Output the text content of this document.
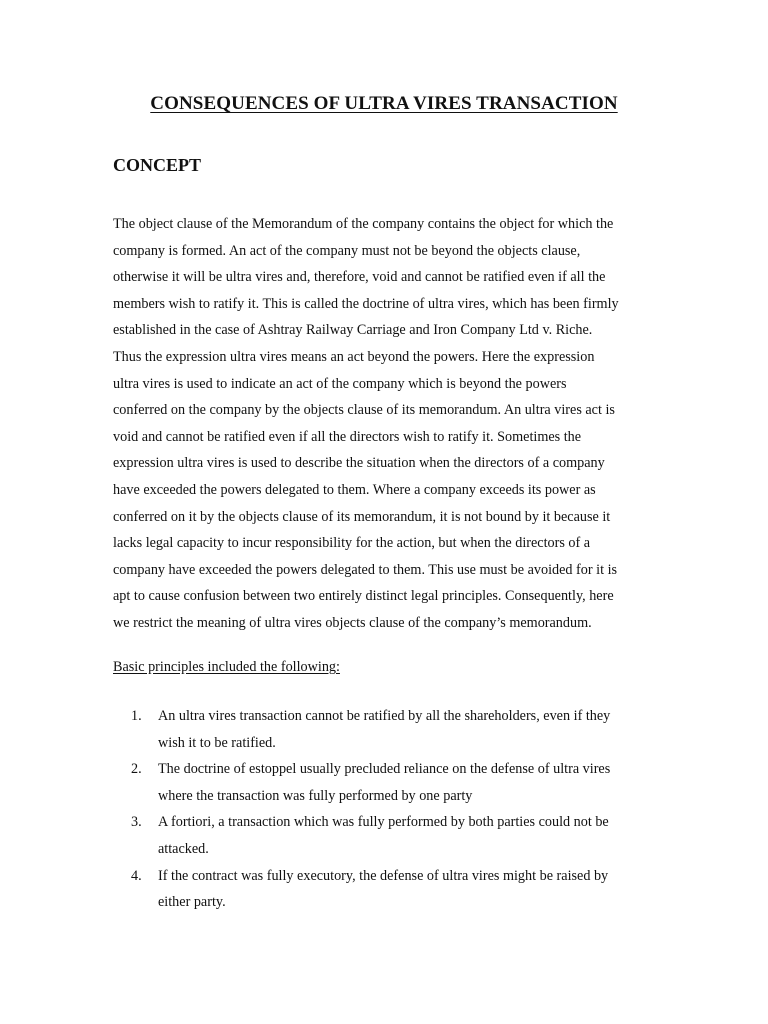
CONSEQUENCES OF ULTRA VIRES TRANSACTION
CONCEPT
The object clause of the Memorandum of the company contains the object for which the
company is formed. An act of the company must not be beyond the objects clause,
otherwise it will be ultra vires and, therefore, void and cannot be ratified even if all the
members wish to ratify it. This is called the doctrine of ultra vires, which has been firmly
established in the case of Ashtray Railway Carriage and Iron Company Ltd v. Riche.
Thus the expression ultra vires means an act beyond the powers. Here the expression
ultra vires is used to indicate an act of the company which is beyond the powers
conferred on the company by the objects clause of its memorandum. An ultra vires act is
void and cannot be ratified even if all the directors wish to ratify it. Sometimes the
expression ultra vires is used to describe the situation when the directors of a company
have exceeded the powers delegated to them. Where a company exceeds its power as
conferred on it by the objects clause of its memorandum, it is not bound by it because it
lacks legal capacity to incur responsibility for the action, but when the directors of a
company have exceeded the powers delegated to them. This use must be avoided for it is
apt to cause confusion between two entirely distinct legal principles. Consequently, here
we restrict the meaning of ultra vires objects clause of the company’s memorandum.
Basic principles included the following:
1. An ultra vires transaction cannot be ratified by all the shareholders, even if they
wish it to be ratified.
2. The doctrine of estoppel usually precluded reliance on the defense of ultra vires
where the transaction was fully performed by one party
3. A fortiori, a transaction which was fully performed by both parties could not be
attacked.
4. If the contract was fully executory, the defense of ultra vires might be raised by
either party.
